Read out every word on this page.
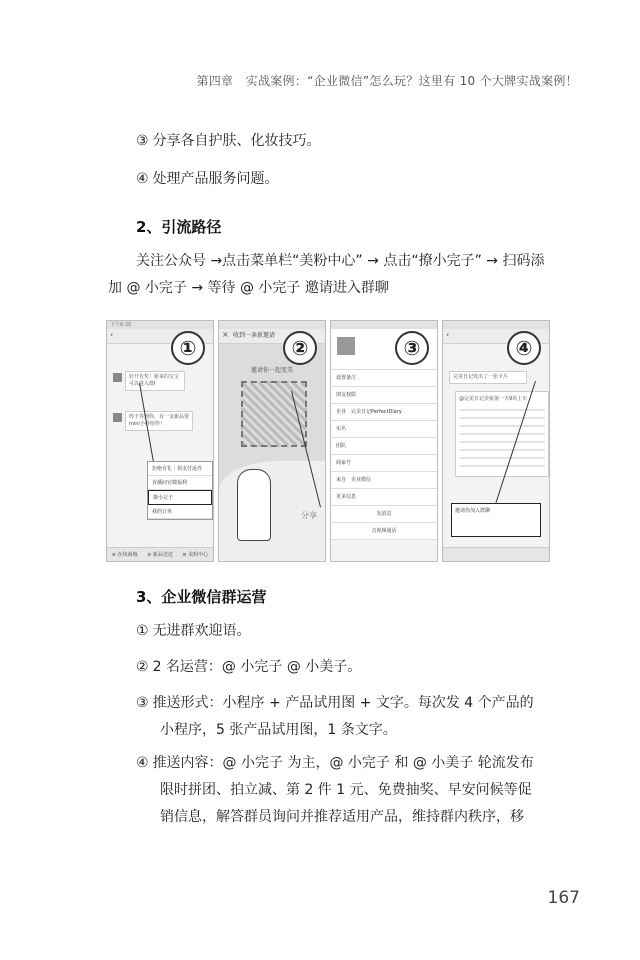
第四章　实战案例：“企业微信”怎么玩？这里有 10 个大牌实战案例！
③ 分享各自护肤、化妆技巧。
④ 处理产品服务问题。
2、引流路径
关注公众号 →点击菜单栏“美粉中心” → 点击“撩小完子” → 扫码添加 @ 小完子 → 等待 @ 小完子 邀请进入群聊
下午6:30
‹
①
好开有奖！新来的宝宝可以进入群Ⅰ
终于等到你，有一支新品要mini小样给你！
拒绝有礼｜领支付返券
直播间官微福利
撩小完子
我的订单
≡ 在线商城 ≡ 新品送送 ≡ 美粉中心
收到一条新邀请
×
②
邀请你一起变美
分享
③
设置备注
朋友权限
企业　完美日记PerfectDiary
实名
团队
商家号
来自　企业微信
更多信息
发消息
音视频通话
‹
④
完美日记发出了一张卡片
@完美日记美妆第一天9块上车
邀请你加入群聊
3、企业微信群运营
① 无进群欢迎语。
② 2 名运营：@ 小完子 @ 小美子。
③ 推送形式：小程序 + 产品试用图 + 文字。每次发 4 个产品的
小程序，5 张产品试用图，1 条文字。
④ 推送内容：@ 小完子 为主，@ 小完子 和 @ 小美子 轮流发布
限时拼团、拍立减、第 2 件 1 元、免费抽奖、早安问候等促
销信息，解答群员询问并推荐适用产品，维持群内秩序，移
167
